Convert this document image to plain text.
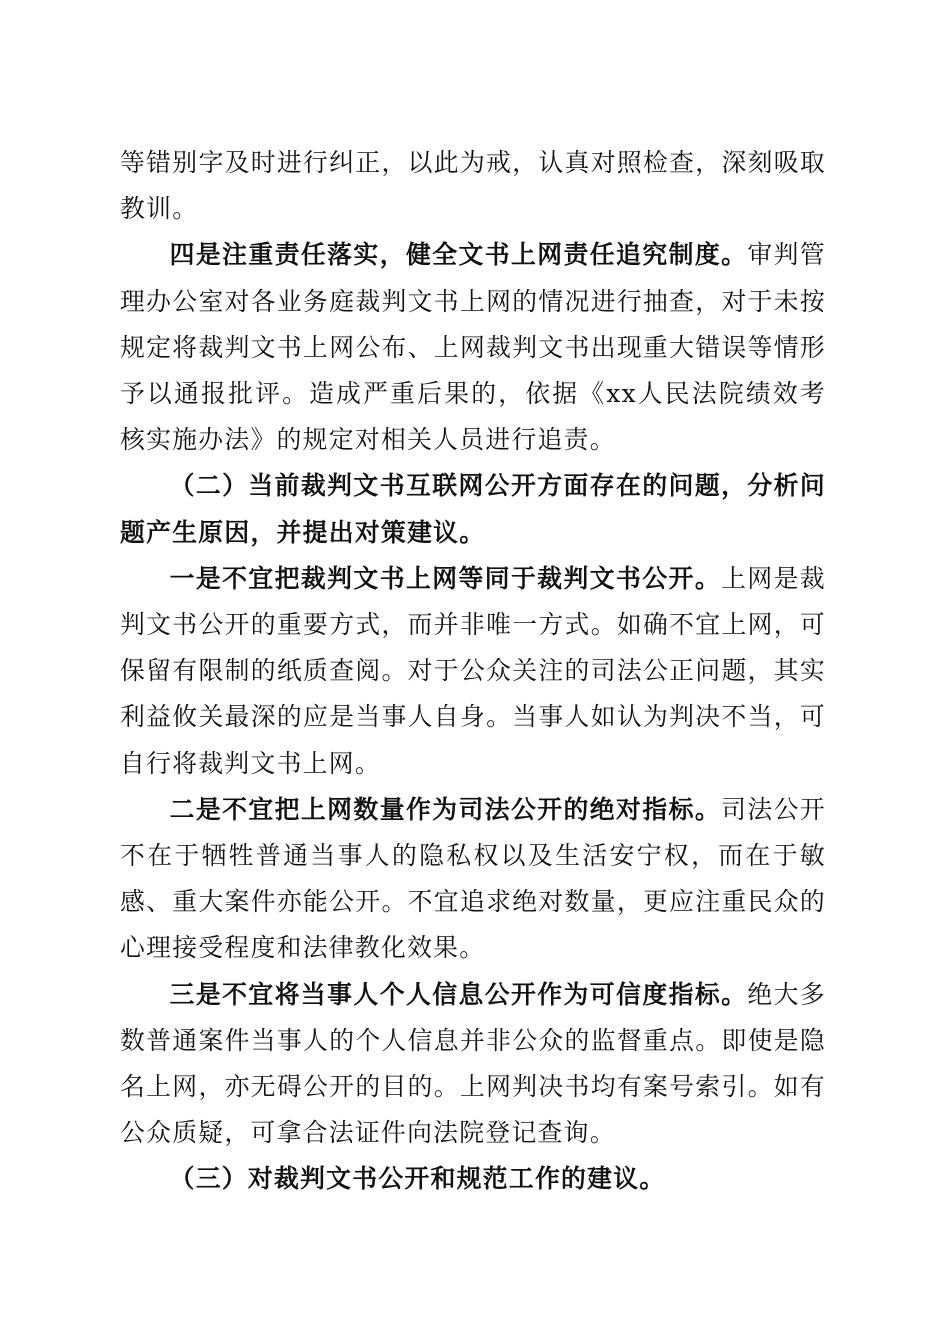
等错别字及时进行纠正，以此为戒，认真对照检查，深刻吸取教训。

四是注重责任落实，健全文书上网责任追究制度。审判管理办公室对各业务庭裁判文书上网的情况进行抽查，对于未按规定将裁判文书上网公布、上网裁判文书出现重大错误等情形予以通报批评。造成严重后果的，依据《xx人民法院绩效考核实施办法》的规定对相关人员进行追责。

（二）当前裁判文书互联网公开方面存在的问题，分析问题产生原因，并提出对策建议。

一是不宜把裁判文书上网等同于裁判文书公开。上网是裁判文书公开的重要方式，而并非唯一方式。如确不宜上网，可保留有限制的纸质查阅。对于公众关注的司法公正问题，其实利益攸关最深的应是当事人自身。当事人如认为判决不当，可自行将裁判文书上网。

二是不宜把上网数量作为司法公开的绝对指标。司法公开不在于牺牲普通当事人的隐私权以及生活安宁权，而在于敏感、重大案件亦能公开。不宜追求绝对数量，更应注重民众的心理接受程度和法律教化效果。

三是不宜将当事人个人信息公开作为可信度指标。绝大多数普通案件当事人的个人信息并非公众的监督重点。即使是隐名上网，亦无碍公开的目的。上网判决书均有案号索引。如有公众质疑，可拿合法证件向法院登记查询。

（三）对裁判文书公开和规范工作的建议。
